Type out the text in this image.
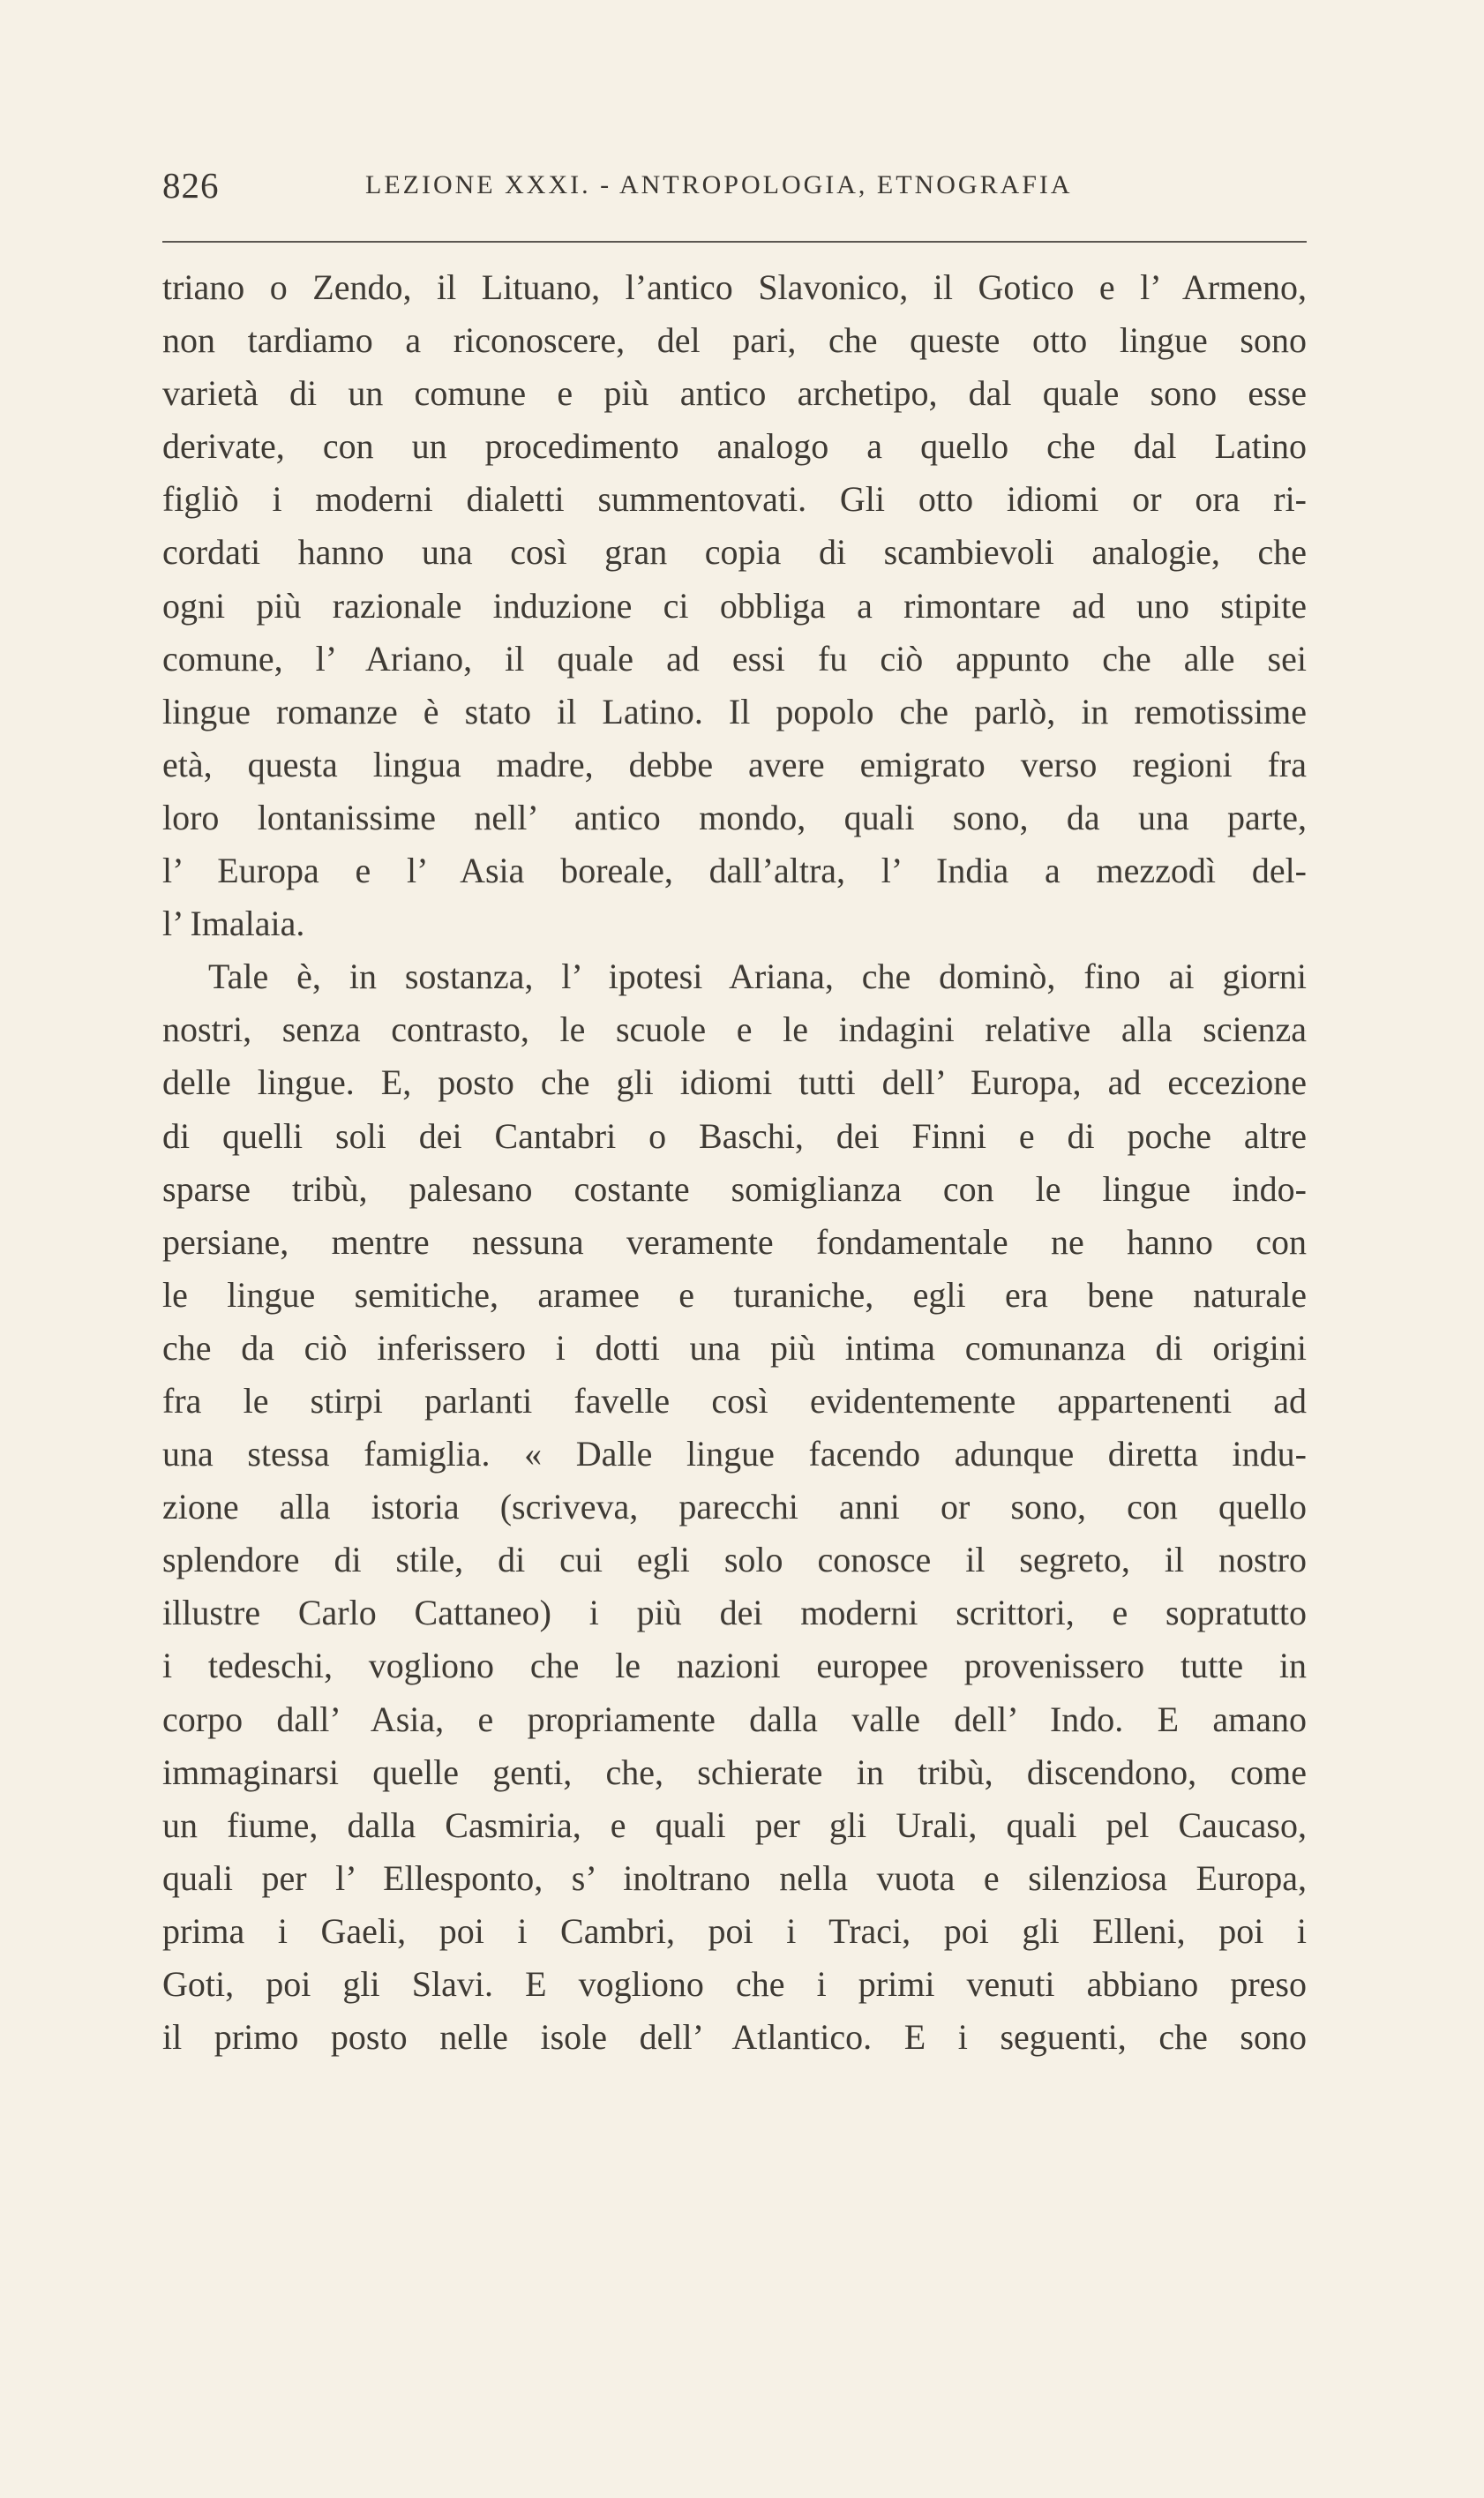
826	LEZIONE XXXI. - ANTROPOLOGIA, ETNOGRAFIA
triano o Zendo, il Lituano, l’antico Slavonico, il Gotico e l’ Armeno,
non tardiamo a riconoscere, del pari, che queste otto lingue sono
varietà di un comune e più antico archetipo, dal quale sono esse
derivate, con un procedimento analogo a quello che dal Latino
figliò i moderni dialetti summentovati. Gli otto idiomi or ora ri-
cordati hanno una così gran copia di scambievoli analogie, che
ogni più razionale induzione ci obbliga a rimontare ad uno stipite
comune, l’ Ariano, il quale ad essi fu ciò appunto che alle sei
lingue romanze è stato il Latino. Il popolo che parlò, in remotissime
età, questa lingua madre, debbe avere emigrato verso regioni fra
loro lontanissime nell’ antico mondo, quali sono, da una parte,
l’ Europa e l’ Asia boreale, dall’altra, l’ India a mezzodì del-
l’ Imalaia.
Tale è, in sostanza, l’ ipotesi Ariana, che dominò, fino ai giorni
nostri, senza contrasto, le scuole e le indagini relative alla scienza
delle lingue. E, posto che gli idiomi tutti dell’ Europa, ad eccezione
di quelli soli dei Cantabri o Baschi, dei Finni e di poche altre
sparse tribù, palesano costante somiglianza con le lingue indo-
persiane, mentre nessuna veramente fondamentale ne hanno con
le lingue semitiche, aramee e turaniche, egli era bene naturale
che da ciò inferissero i dotti una più intima comunanza di origini
fra le stirpi parlanti favelle così evidentemente appartenenti ad
una stessa famiglia. « Dalle lingue facendo adunque diretta indu-
zione alla istoria (scriveva, parecchi anni or sono, con quello
splendore di stile, di cui egli solo conosce il segreto, il nostro
illustre Carlo Cattaneo) i più dei moderni scrittori, e sopratutto
i tedeschi, vogliono che le nazioni europee provenissero tutte in
corpo dall’ Asia, e propriamente dalla valle dell’ Indo. E amano
immaginarsi quelle genti, che, schierate in tribù, discendono, come
un fiume, dalla Casmiria, e quali per gli Urali, quali pel Caucaso,
quali per l’ Ellesponto, s’ inoltrano nella vuota e silenziosa Europa,
prima i Gaeli, poi i Cambri, poi i Traci, poi gli Elleni, poi i
Goti, poi gli Slavi. E vogliono che i primi venuti abbiano preso
il primo posto nelle isole dell’ Atlantico. E i seguenti, che sono
